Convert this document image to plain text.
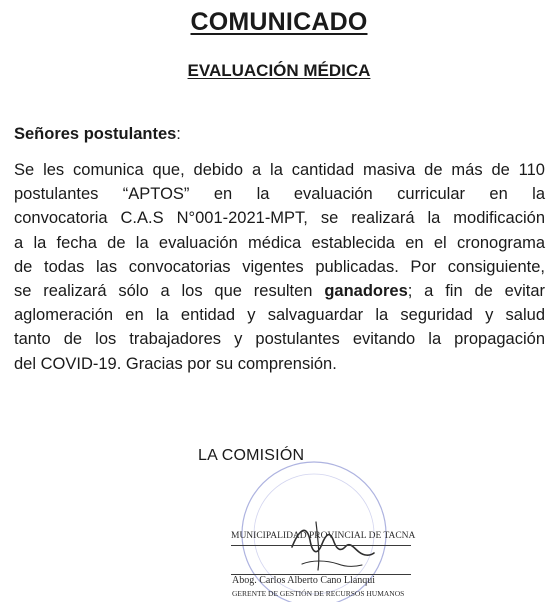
COMUNICADO
EVALUACIÓN MÉDICA
Señores postulantes:
Se les comunica que, debido a la cantidad masiva de más de 110
postulantes “APTOS” en la evaluación curricular en la
convocatoria C.A.S N°001-2021-MPT, se realizará la modificación
a la fecha de la evaluación médica establecida en el cronograma
de todas las convocatorias vigentes publicadas. Por consiguiente,
se realizará sólo a los que resulten ganadores; a fin de evitar
aglomeración en la entidad y salvaguardar la seguridad y salud
tanto de los trabajadores y postulantes evitando la propagación
del COVID-19. Gracias por su comprensión.
LA COMISIÓN
MUNICIPALIDAD PROVINCIAL DE TACNA
Abog. Carlos Alberto Cano Llanqui
GERENTE DE GESTIÓN DE RECURSOS HUMANOS
